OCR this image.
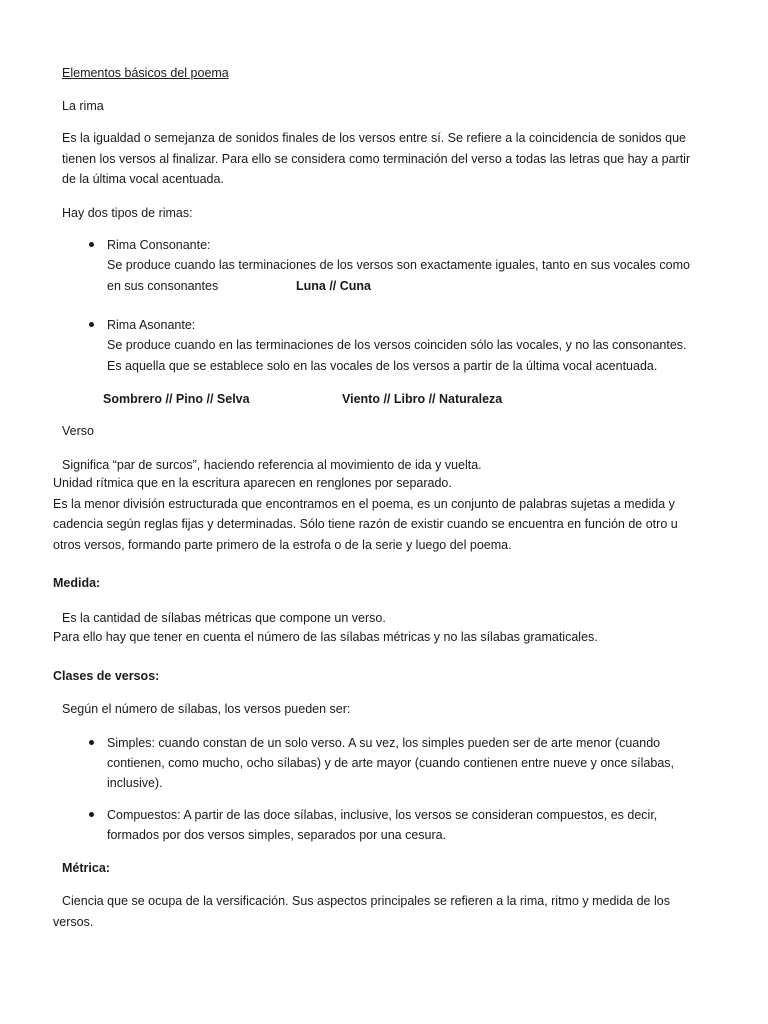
Elementos básicos del poema
La rima
Es la igualdad o semejanza de sonidos finales de los versos entre sí. Se refiere a la coincidencia de sonidos que
tienen los versos al finalizar. Para ello se considera como terminación del verso a todas las letras que hay a partir
de la última vocal acentuada.
Hay dos tipos de rimas:
Rima Consonante:
Se produce cuando las terminaciones de los versos son exactamente iguales, tanto en sus vocales como
en sus consonantes	Luna // Cuna
Rima Asonante:
Se produce cuando en las terminaciones de los versos coinciden sólo las vocales, y no las consonantes.
Es aquella que se establece solo en las vocales de los versos a partir de la última vocal acentuada.
Sombrero // Pino // Selva	Viento // Libro // Naturaleza
Verso
Significa “par de surcos”, haciendo referencia al movimiento de ida y vuelta.
Unidad rítmica que en la escritura aparecen en renglones por separado.
Es la menor división estructurada que encontramos en el poema, es un conjunto de palabras sujetas a medida y
cadencia según reglas fijas y determinadas. Sólo tiene razón de existir cuando se encuentra en función de otro u
otros versos, formando parte primero de la estrofa o de la serie y luego del poema.
Medida:
Es la cantidad de sílabas métricas que compone un verso.
Para ello hay que tener en cuenta el número de las sílabas métricas y no las sílabas gramaticales.
Clases de versos:
Según el número de sílabas, los versos pueden ser:
Simples: cuando constan de un solo verso. A su vez, los simples pueden ser de arte menor (cuando
contienen, como mucho, ocho sílabas) y de arte mayor (cuando contienen entre nueve y once sílabas,
inclusive).
Compuestos: A partir de las doce sílabas, inclusive, los versos se consideran compuestos, es decir,
formados por dos versos simples, separados por una cesura.
Métrica:
Ciencia que se ocupa de la versificación. Sus aspectos principales se refieren a la rima, ritmo y medida de los
versos.
